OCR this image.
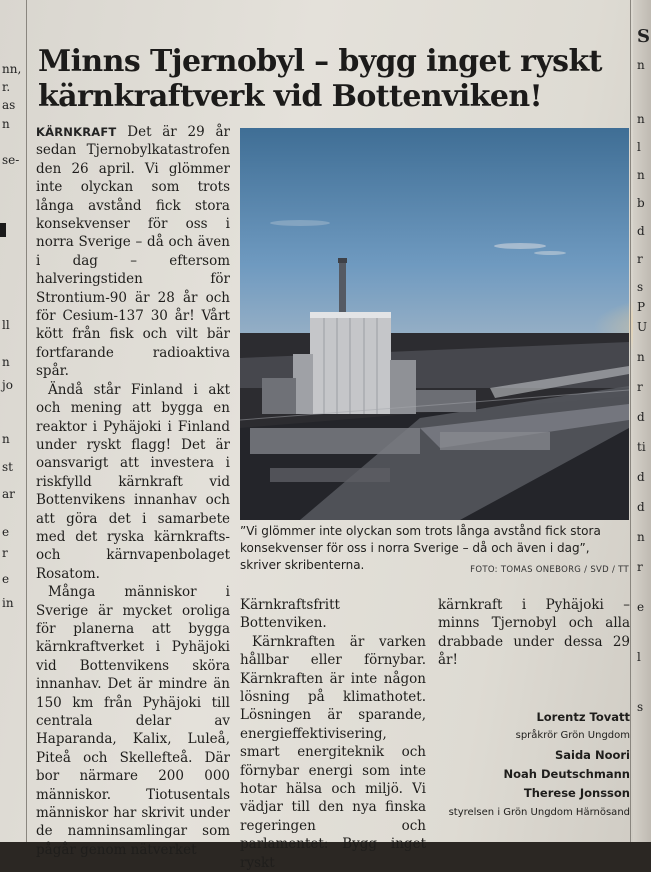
nn,
r.
as
n
se-
ll
n
jo
n
st
ar
e
r
e
in
Minns Tjernobyl – bygg inget ryskt kärnkraftverk vid Bottenviken!

KÄRNKRAFT Det är 29 år sedan Tjernobylkatastrofen den 26 april. Vi glömmer inte olyckan som trots långa avstånd fick stora konsekvenser för oss i norra Sverige – då och även i dag – eftersom halveringstiden för Strontium-90 är 28 år och för Cesium-137 30 år! Vårt kött från fisk och vilt bär fortfarande radioaktiva spår.

Ändå står Finland i akt och mening att bygga en reaktor i Pyhäjoki i Finland under ryskt flagg! Det är oansvarigt att investera i riskfylld kärnkraft vid Bottenvikens innanhav och att göra det i samarbete med det ryska kärnkrafts- och kärnvapenbolaget Rosatom.

Många människor i Sverige är mycket oroliga för planerna att bygga kärnkraftverket i Pyhäjoki vid Bottenvikens sköra innanhav. Det är mindre än 150 km från Pyhäjoki till centrala delar av Haparanda, Kalix, Luleå, Piteå och Skellefteå. Där bor närmare 200 000 människor. Tiotusentals människor har skrivit under de namninsamlingar som pågår genom nätverket

”Vi glömmer inte olyckan som trots långa avstånd fick stora konsekvenser för oss i norra Sverige – då och även i dag”, skriver skribenterna.	FOTO: TOMAS ONEBORG / SVD / TT

Kärnkraftsfritt Bottenviken.

Kärnkraften är varken hållbar eller förnybar. Kärnkraften är inte någon lösning på klimathotet. Lösningen är sparande, energieffektivisering, smart energiteknik och förnybar energi som inte hotar hälsa och miljö. Vi vädjar till den nya finska regeringen och parlamentet: Bygg inget ryskt

kärnkraft i Pyhäjoki – minns Tjernobyl och alla drabbade under dessa 29 år!

Lorentz Tovatt
språkrör Grön Ungdom
Saida Noori
Noah Deutschmann
Therese Jonsson
styrelsen i Grön Ungdom Härnösand
S
n
n
l
n
b
d
r
s
P
U
n
r
d
ti
d
d
n
r
e
l
s
